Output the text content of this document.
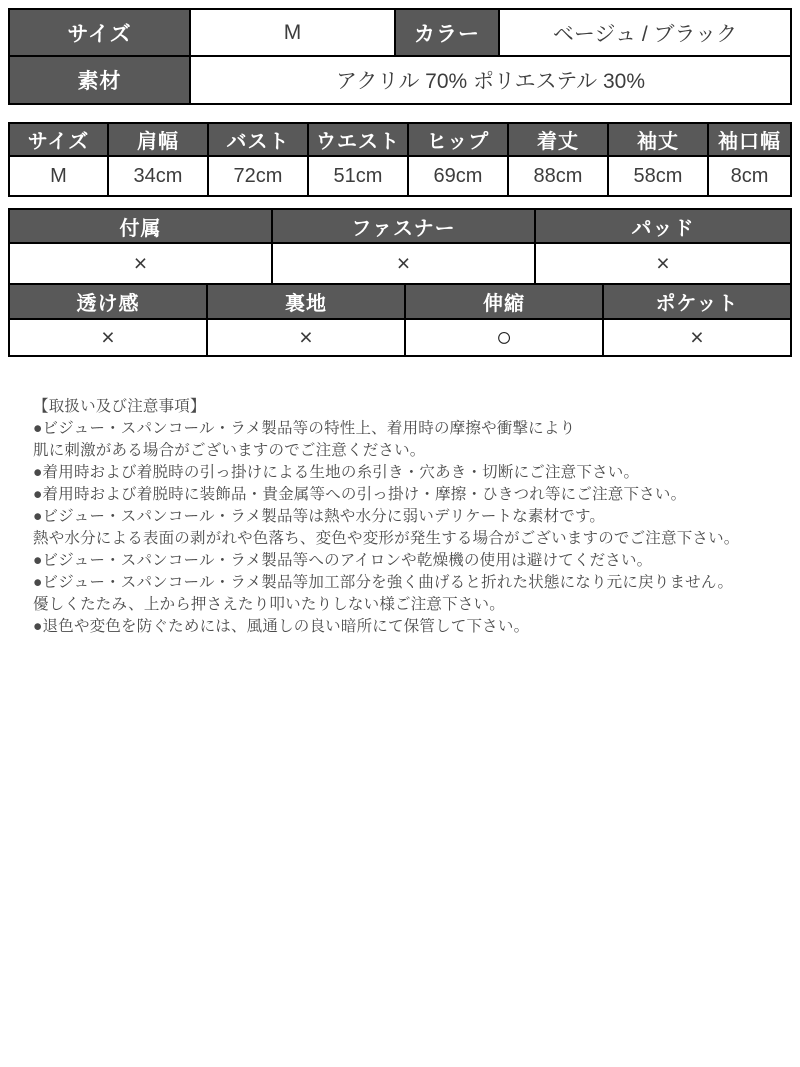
サイズ	M	カラー	ベージュ / ブラック
素材	アクリル 70% ポリエステル 30%		
サイズ	肩幅	バスト	ウエスト	ヒップ	着丈	袖丈	袖口幅
M	34cm	72cm	51cm	69cm	88cm	58cm	8cm
付属	ファスナー	パッド
×	×	×
透け感	裏地	伸縮	ポケット
×	×	○	×
【取扱い及び注意事項】
●ビジュー・スパンコール・ラメ製品等の特性上、着用時の摩擦や衝撃により
肌に刺激がある場合がございますのでご注意ください。
●着用時および着脱時の引っ掛けによる生地の糸引き・穴あき・切断にご注意下さい。
●着用時および着脱時に装飾品・貴金属等への引っ掛け・摩擦・ひきつれ等にご注意下さい。
●ビジュー・スパンコール・ラメ製品等は熱や水分に弱いデリケートな素材です。
熱や水分による表面の剥がれや色落ち、変色や変形が発生する場合がございますのでご注意下さい。
●ビジュー・スパンコール・ラメ製品等へのアイロンや乾燥機の使用は避けてください。
●ビジュー・スパンコール・ラメ製品等加工部分を強く曲げると折れた状態になり元に戻りません。
優しくたたみ、上から押さえたり叩いたりしない様ご注意下さい。
●退色や変色を防ぐためには、風通しの良い暗所にて保管して下さい。
